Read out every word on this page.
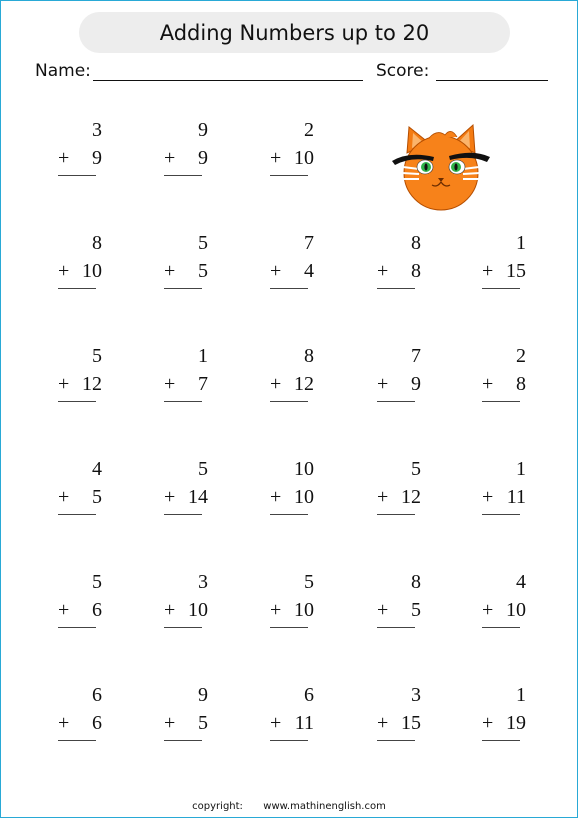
Adding Numbers up to 20
Name:	Score:
3
+ 9
9
+ 9
2
+ 10
8
+ 10
5
+ 5
7
+ 4
8
+ 8
1
+ 15
5
+ 12
1
+ 7
8
+ 12
7
+ 9
2
+ 8
4
+ 5
5
+ 14
10
+ 10
5
+ 12
1
+ 11
5
+ 6
3
+ 10
5
+ 10
8
+ 5
4
+ 10
6
+ 6
9
+ 5
6
+ 11
3
+ 15
1
+ 19
copyright: www.mathinenglish.com
